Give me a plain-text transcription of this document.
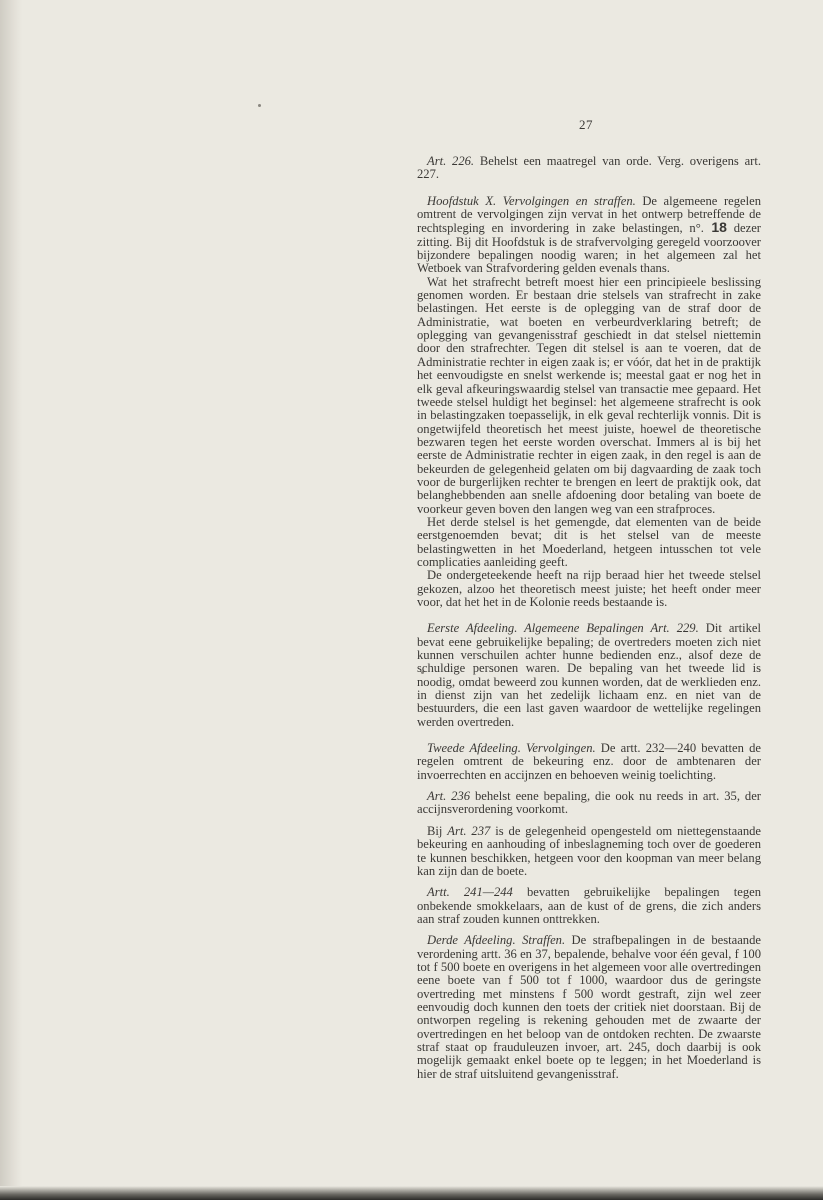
27

Art. 226. Behelst een maatregel van orde. Verg. overigens art. 227.

Hoofdstuk X. Vervolgingen en straffen. De algemeene regelen omtrent de vervolgingen zijn vervat in het ontwerp betreffende de rechtspleging en invordering in zake belastingen, n°. 18 dezer zitting. Bij dit Hoofdstuk is de strafvervolging geregeld voorzoover bijzondere bepalingen noodig waren; in het algemeen zal het Wetboek van Strafvordering gelden evenals thans.

Wat het strafrecht betreft moest hier een principieele beslissing genomen worden. Er bestaan drie stelsels van strafrecht in zake belastingen. Het eerste is de oplegging van de straf door de Administratie, wat boeten en verbeurdverklaring betreft; de oplegging van gevangenisstraf geschiedt in dat stelsel niettemin door den strafrechter. Tegen dit stelsel is aan te voeren, dat de Administratie rechter in eigen zaak is; er vóór, dat het in de praktijk het eenvoudigste en snelst werkende is; meestal gaat er nog het in elk geval afkeuringswaardig stelsel van transactie mee gepaard. Het tweede stelsel huldigt het beginsel: het algemeene strafrecht is ook in belastingzaken toepasselijk, in elk geval rechterlijk vonnis. Dit is ongetwijfeld theoretisch het meest juiste, hoewel de theoretische bezwaren tegen het eerste worden overschat. Immers al is bij het eerste de Administratie rechter in eigen zaak, in den regel is aan de bekeurden de gelegenheid gelaten om bij dagvaarding de zaak toch voor de burgerlijken rechter te brengen en leert de praktijk ook, dat belanghebbenden aan snelle afdoening door betaling van boete de voorkeur geven boven den langen weg van een strafproces.

Het derde stelsel is het gemengde, dat elementen van de beide eerstgenoemden bevat; dit is het stelsel van de meeste belastingwetten in het Moederland, hetgeen intusschen tot vele complicaties aanleiding geeft.

De ondergeteekende heeft na rijp beraad hier het tweede stelsel gekozen, alzoo het theoretisch meest juiste; het heeft onder meer voor, dat het het in de Kolonie reeds bestaande is.

Eerste Afdeeling. Algemeene Bepalingen Art. 229. Dit artikel bevat eene gebruikelijke bepaling; de overtreders moeten zich niet kunnen verschuilen achter hunne bedienden enz., alsof deze de schuldige personen waren. De bepaling van het tweede lid is noodig, omdat beweerd zou kunnen worden, dat de werklieden enz. in dienst zijn van het zedelijk lichaam enz. en niet van de bestuurders, die een last gaven waardoor de wettelijke regelingen werden overtreden.

Tweede Afdeeling. Vervolgingen. De artt. 232—240 bevatten de regelen omtrent de bekeuring enz. door de ambtenaren der invoerrechten en accijnzen en behoeven weinig toelichting.

Art. 236 behelst eene bepaling, die ook nu reeds in art. 35, der accijnsverordening voorkomt.

Bij Art. 237 is de gelegenheid opengesteld om niettegenstaande bekeuring en aanhouding of inbeslagneming toch over de goederen te kunnen beschikken, hetgeen voor den koopman van meer belang kan zijn dan de boete.

Artt. 241—244 bevatten gebruikelijke bepalingen tegen onbekende smokkelaars, aan de kust of de grens, die zich anders aan straf zouden kunnen onttrekken.

Derde Afdeeling. Straffen. De strafbepalingen in de bestaande verordening artt. 36 en 37, bepalende, behalve voor één geval, f 100 tot f 500 boete en overigens in het algemeen voor alle overtredingen eene boete van f 500 tot f 1000, waardoor dus de geringste overtreding met minstens f 500 wordt gestraft, zijn wel zeer eenvoudig doch kunnen den toets der critiek niet doorstaan. Bij de ontworpen regeling is rekening gehouden met de zwaarte der overtredingen en het beloop van de ontdoken rechten. De zwaarste straf staat op frauduleuzen invoer, art. 245, doch daarbij is ook mogelijk gemaakt enkel boete op te leggen; in het Moederland is hier de straf uitsluitend gevangenisstraf.
